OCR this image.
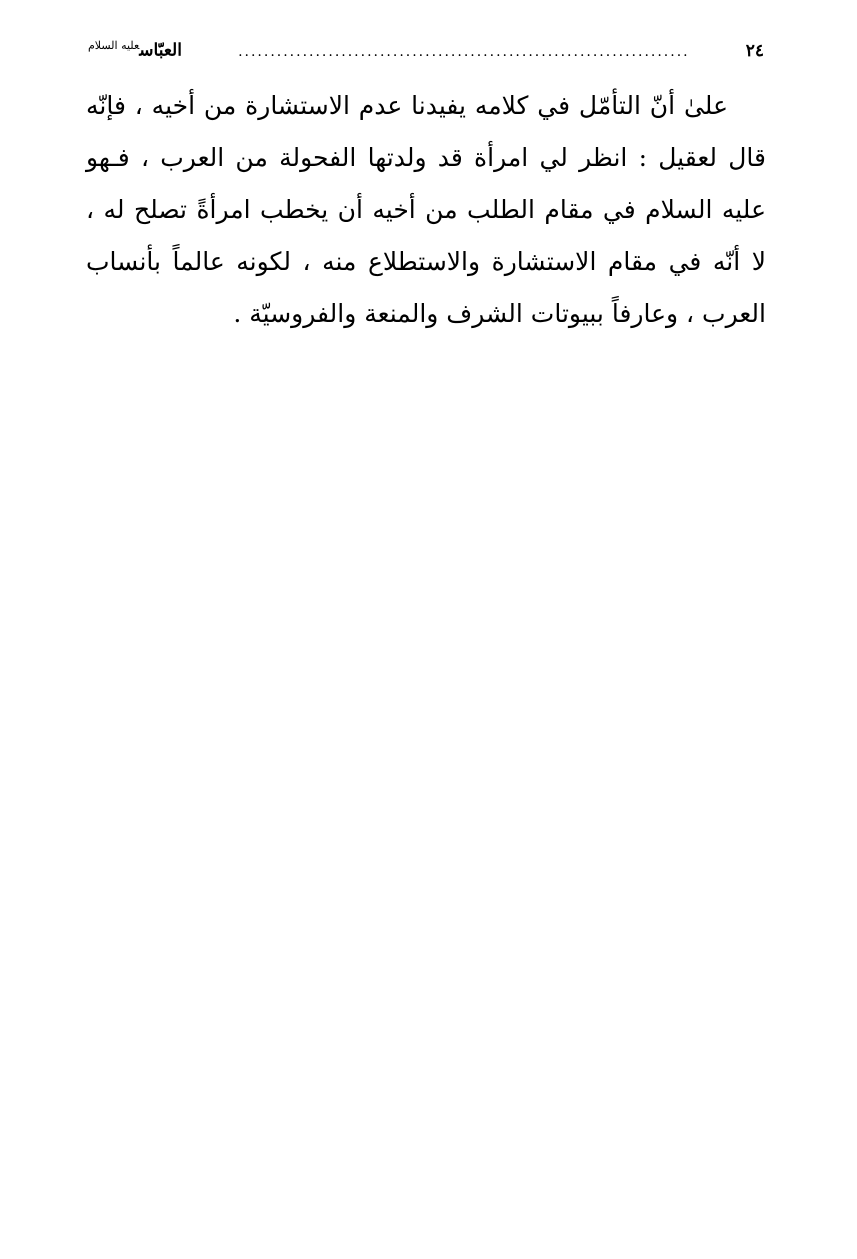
٢٤
......................................................................
العبّاس$^{عليه السلام}$

علىٰ أنّ التأمّل في كلامه يفيدنا عدم الاستشارة من أخيه ، فإنّه قال لعقيل : انظر لي امرأة قد ولدتها الفحولة من العرب ، فـهو عليه السلام في مقام الطلب من أخيه أن يخطب امرأةً تصلح له ، لا أنّه في مقام الاستشارة والاستطلاع منه ، لكونه عالماً بأنساب العرب ، وعارفاً ببيوتات الشرف والمنعة والفروسيّة .
